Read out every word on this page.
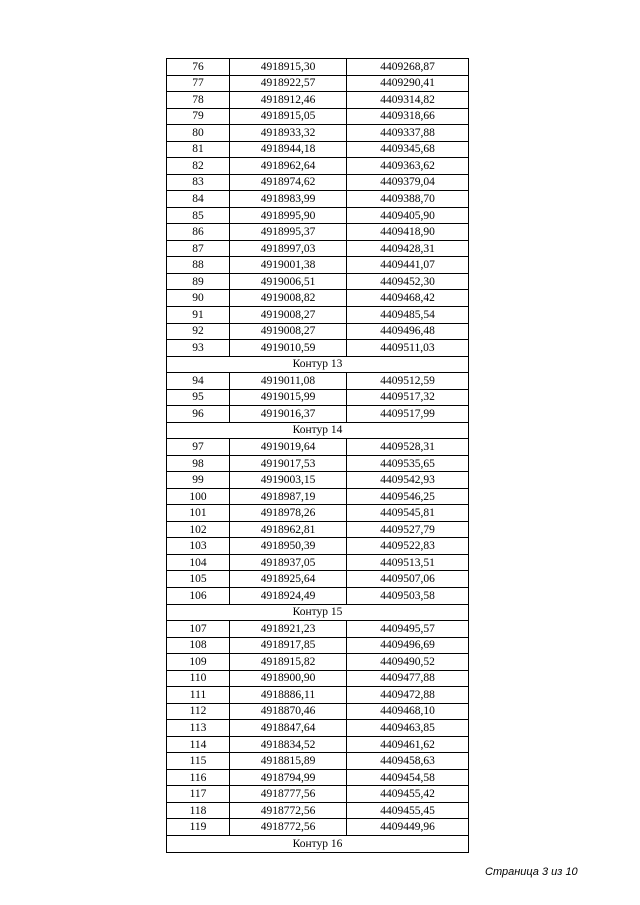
76	4918915,30	4409268,87
77	4918922,57	4409290,41
78	4918912,46	4409314,82
79	4918915,05	4409318,66
80	4918933,32	4409337,88
81	4918944,18	4409345,68
82	4918962,64	4409363,62
83	4918974,62	4409379,04
84	4918983,99	4409388,70
85	4918995,90	4409405,90
86	4918995,37	4409418,90
87	4918997,03	4409428,31
88	4919001,38	4409441,07
89	4919006,51	4409452,30
90	4919008,82	4409468,42
91	4919008,27	4409485,54
92	4919008,27	4409496,48
93	4919010,59	4409511,03
Контур 13		
94	4919011,08	4409512,59
95	4919015,99	4409517,32
96	4919016,37	4409517,99
Контур 14		
97	4919019,64	4409528,31
98	4919017,53	4409535,65
99	4919003,15	4409542,93
100	4918987,19	4409546,25
101	4918978,26	4409545,81
102	4918962,81	4409527,79
103	4918950,39	4409522,83
104	4918937,05	4409513,51
105	4918925,64	4409507,06
106	4918924,49	4409503,58
Контур 15		
107	4918921,23	4409495,57
108	4918917,85	4409496,69
109	4918915,82	4409490,52
110	4918900,90	4409477,88
111	4918886,11	4409472,88
112	4918870,46	4409468,10
113	4918847,64	4409463,85
114	4918834,52	4409461,62
115	4918815,89	4409458,63
116	4918794,99	4409454,58
117	4918777,56	4409455,42
118	4918772,56	4409455,45
119	4918772,56	4409449,96
Контур 16		
Страница 3 из 10
